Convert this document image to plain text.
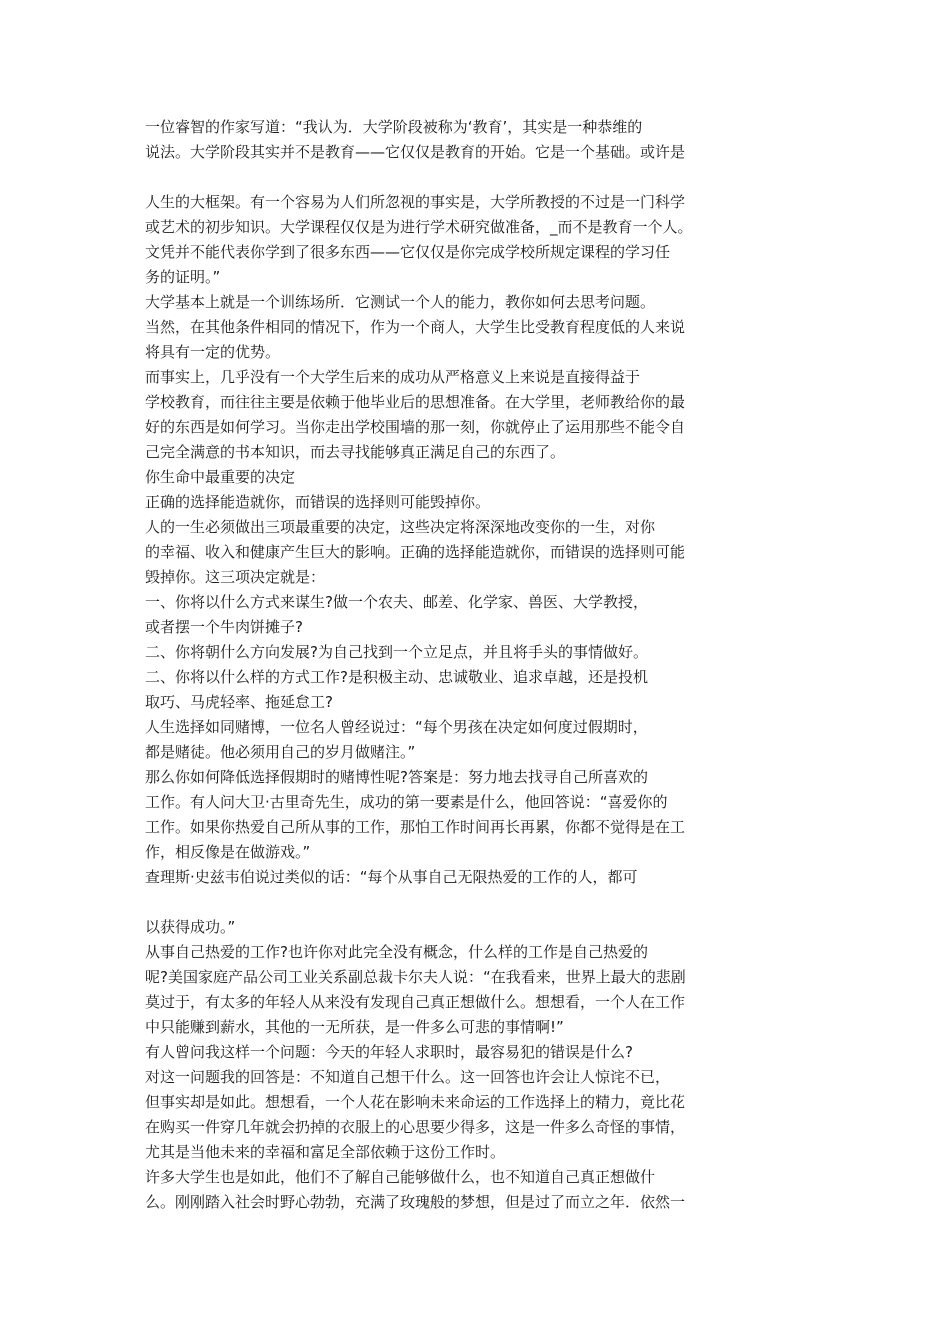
一位睿智的作家写道：“我认为．大学阶段被称为‘教育’，其实是一种恭维的
说法。大学阶段其实并不是教育——它仅仅是教育的开始。它是一个基础。或许是
人生的大框架。有一个容易为人们所忽视的事实是，大学所教授的不过是一门科学
或艺术的初步知识。大学课程仅仅是为进行学术研究做准备，_而不是教育一个人。
文凭并不能代表你学到了很多东西——它仅仅是你完成学校所规定课程的学习任
务的证明。”
大学基本上就是一个训练场所．它测试一个人的能力，教你如何去思考问题。
当然，在其他条件相同的情况下，作为一个商人，大学生比受教育程度低的人来说
将具有一定的优势。
而事实上，几乎没有一个大学生后来的成功从严格意义上来说是直接得益于
学校教育，而往往主要是依赖于他毕业后的思想准备。在大学里，老师教给你的最
好的东西是如何学习。当你走出学校围墙的那一刻，你就停止了运用那些不能令自
己完全满意的书本知识，而去寻找能够真正满足自己的东西了。
你生命中最重要的决定
正确的选择能造就你，而错误的选择则可能毁掉你。
人的一生必须做出三项最重要的决定，这些决定将深深地改变你的一生，对你
的幸福、收入和健康产生巨大的影响。正确的选择能造就你，而错误的选择则可能
毁掉你。这三项决定就是：
一、你将以什么方式来谋生?做一个农夫、邮差、化学家、兽医、大学教授，
或者摆一个牛肉饼摊子?
二、你将朝什么方向发展?为自己找到一个立足点，并且将手头的事情做好。
二、你将以什么样的方式工作?是积极主动、忠诚敬业、追求卓越，还是投机
取巧、马虎轻率、拖延怠工?
人生选择如同赌博，一位名人曾经说过：“每个男孩在决定如何度过假期时，
都是赌徒。他必须用自己的岁月做赌注。”
那么你如何降低选择假期时的赌博性呢?答案是：努力地去找寻自己所喜欢的
工作。有人问大卫·古里奇先生，成功的第一要素是什么，他回答说：“喜爱你的
工作。如果你热爱自己所从事的工作，那怕工作时间再长再累，你都不觉得是在工
作，相反像是在做游戏。”
查理斯·史兹韦伯说过类似的话：“每个从事自己无限热爱的工作的人，都可
以获得成功。”
从事自己热爱的工作?也许你对此完全没有概念，什么样的工作是自己热爱的
呢?美国家庭产品公司工业关系副总裁卡尔夫人说：“在我看来，世界上最大的悲剧
莫过于，有太多的年轻人从来没有发现自己真正想做什么。想想看，一个人在工作
中只能赚到薪水，其他的一无所获，是一件多么可悲的事情啊!”
有人曾问我这样一个问题：今天的年轻人求职时，最容易犯的错误是什么?
对这一问题我的回答是：不知道自己想干什么。这一回答也许会让人惊诧不已，
但事实却是如此。想想看，一个人花在影响未来命运的工作选择上的精力，竟比花
在购买一件穿几年就会扔掉的衣服上的心思要少得多，这是一件多么奇怪的事情，
尤其是当他未来的幸福和富足全部依赖于这份工作时。
许多大学生也是如此，他们不了解自己能够做什么，也不知道自己真正想做什
么。刚刚踏入社会时野心勃勃，充满了玫瑰般的梦想，但是过了而立之年．依然一
